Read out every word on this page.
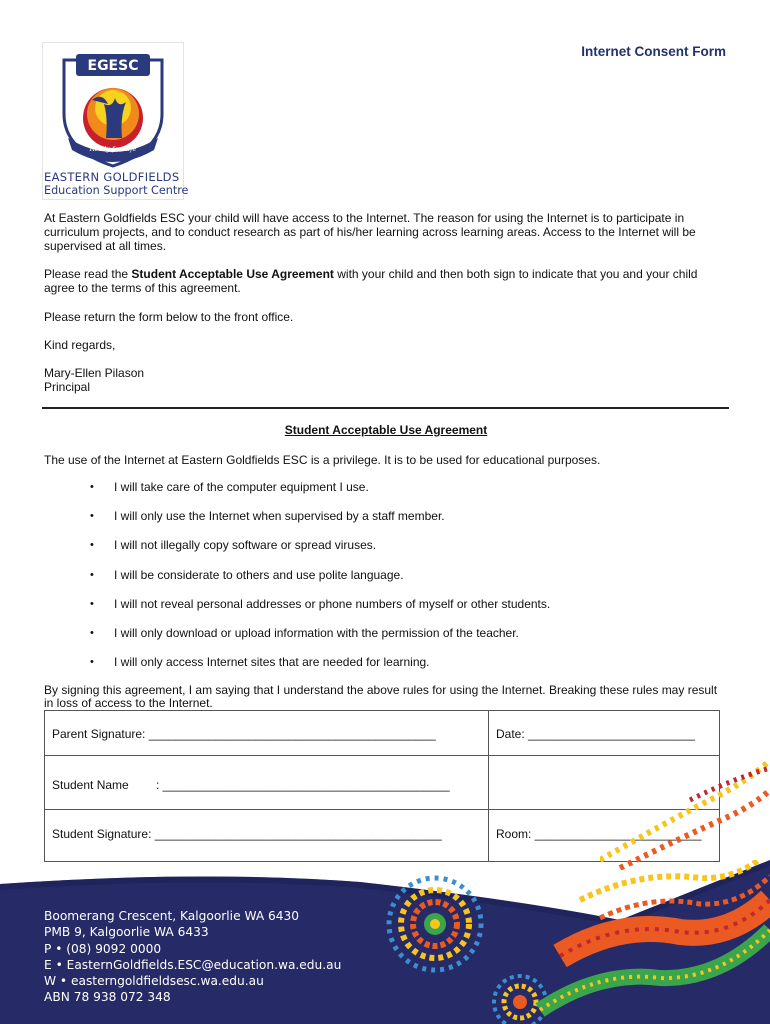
EGESC
Ready for Life
EASTERN GOLDFIELDS
Education Support Centre
Internet Consent Form
At Eastern Goldfields ESC your child will have access to the Internet. The reason for using the Internet is to participate in curriculum projects, and to conduct research as part of his/her learning across learning areas. Access to the Internet will be supervised at all times.
Please read the Student Acceptable Use Agreement with your child and then both sign to indicate that you and your child agree to the terms of this agreement.
Please return the form below to the front office.
Kind regards,
Mary-Ellen Pilason
Principal
Student Acceptable Use Agreement
The use of the Internet at Eastern Goldfields ESC is a privilege. It is to be used for educational purposes.
• I will take care of the computer equipment I use.
• I will only use the Internet when supervised by a staff member.
• I will not illegally copy software or spread viruses.
• I will be considerate to others and use polite language.
• I will not reveal personal addresses or phone numbers of myself or other students.
• I will only download or upload information with the permission of the teacher.
• I will only access Internet sites that are needed for learning.
By signing this agreement, I am saying that I understand the above rules for using the Internet. Breaking these rules may result in loss of access to the Internet.
Parent Signature: ___________________________________________	Date: _________________________
Student Name : ___________________________________________
Student Signature: ___________________________________________	Room: _________________________
Boomerang Crescent, Kalgoorlie WA 6430
PMB 9, Kalgoorlie WA 6433
P • (08) 9092 0000
E • EasternGoldfields.ESC@education.wa.edu.au
W • easterngoldfieldsesc.wa.edu.au
ABN 78 938 072 348
